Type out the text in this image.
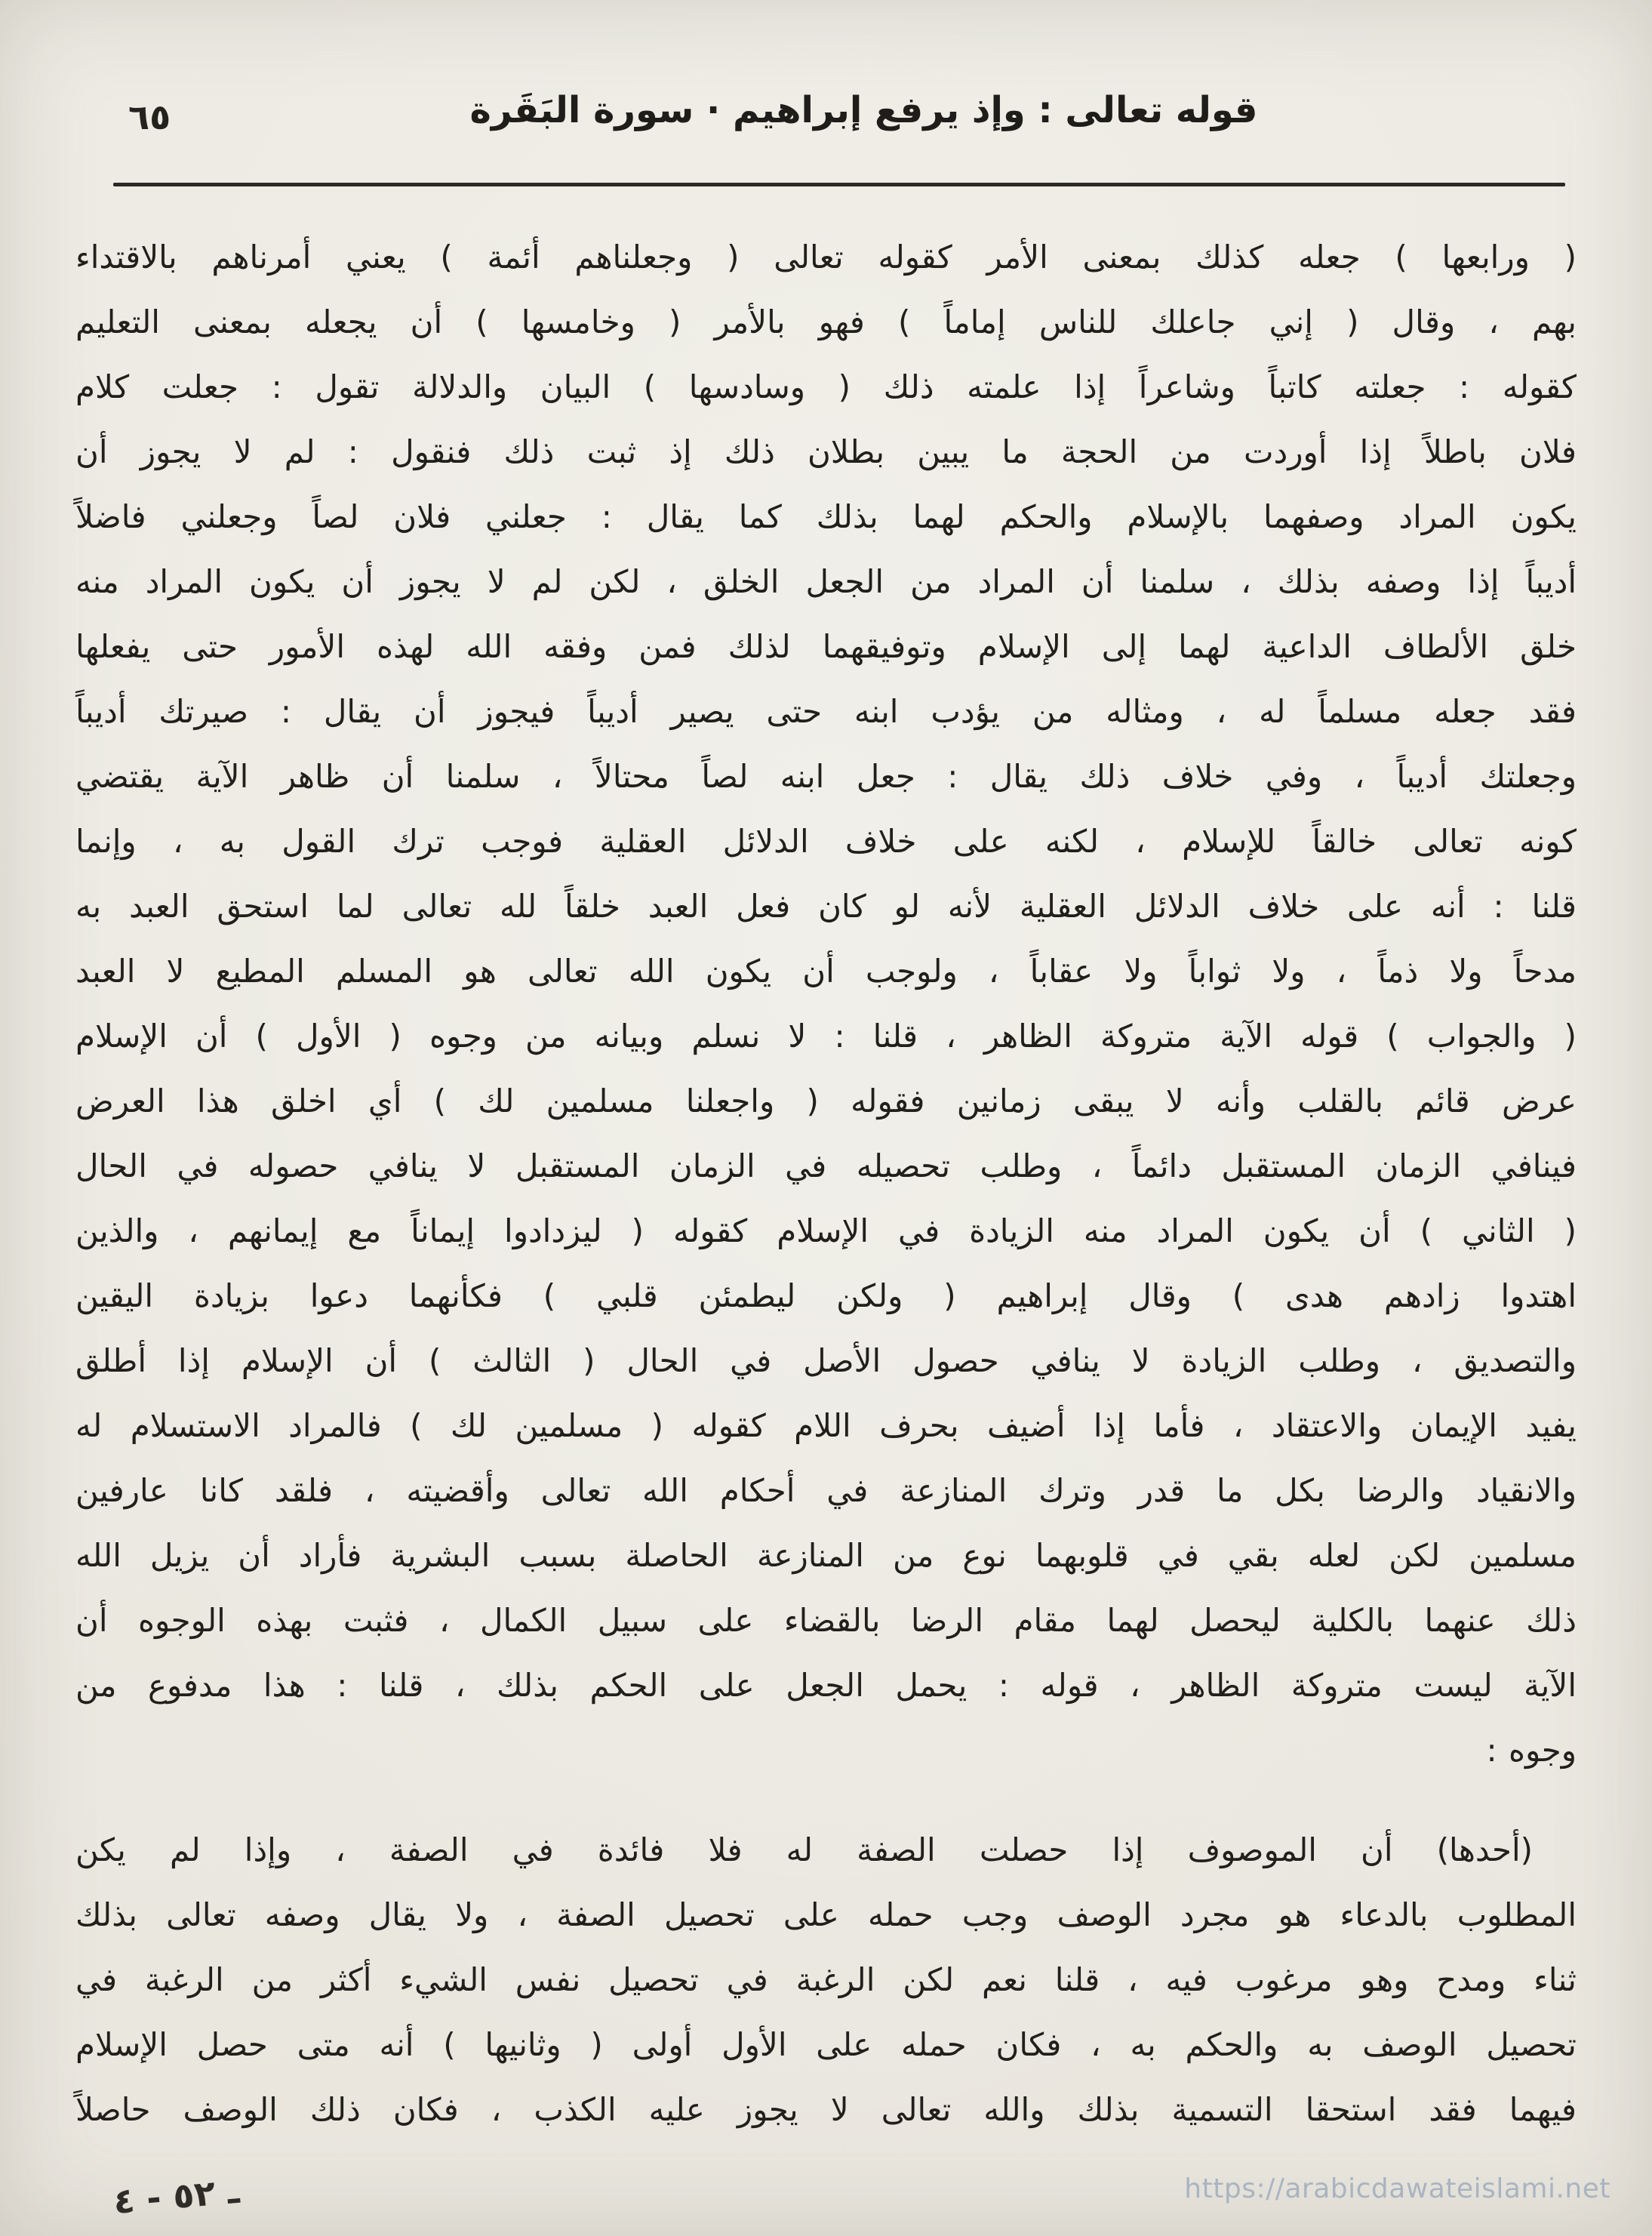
٦٥	قوله تعالى : وإذ يرفع إبراهيم · سورة البَقَرة
( ورابعها ) جعله كذلك بمعنى الأمر كقوله تعالى ( وجعلناهم أئمة ) يعني أمرناهم بالاقتداء
بهم ، وقال ( إني جاعلك للناس إماماً ) فهو بالأمر ( وخامسها ) أن يجعله بمعنى التعليم
كقوله : جعلته كاتباً وشاعراً إذا علمته ذلك ( وسادسها ) البيان والدلالة تقول : جعلت كلام
فلان باطلاً إذا أوردت من الحجة ما يبين بطلان ذلك إذ ثبت ذلك فنقول : لم لا يجوز أن
يكون المراد وصفهما بالإسلام والحكم لهما بذلك كما يقال : جعلني فلان لصاً وجعلني فاضلاً
أديباً إذا وصفه بذلك ، سلمنا أن المراد من الجعل الخلق ، لكن لم لا يجوز أن يكون المراد منه
خلق الألطاف الداعية لهما إلى الإسلام وتوفيقهما لذلك فمن وفقه الله لهذه الأمور حتى يفعلها
فقد جعله مسلماً له ، ومثاله من يؤدب ابنه حتى يصير أديباً فيجوز أن يقال : صيرتك أديباً
وجعلتك أديباً ، وفي خلاف ذلك يقال : جعل ابنه لصاً محتالاً ، سلمنا أن ظاهر الآية يقتضي
كونه تعالى خالقاً للإسلام ، لكنه على خلاف الدلائل العقلية فوجب ترك القول به ، وإنما
قلنا : أنه على خلاف الدلائل العقلية لأنه لو كان فعل العبد خلقاً لله تعالى لما استحق العبد به
مدحاً ولا ذماً ، ولا ثواباً ولا عقاباً ، ولوجب أن يكون الله تعالى هو المسلم المطيع لا العبد
( والجواب ) قوله الآية متروكة الظاهر ، قلنا : لا نسلم وبيانه من وجوه ( الأول ) أن الإسلام
عرض قائم بالقلب وأنه لا يبقى زمانين فقوله ( واجعلنا مسلمين لك ) أي اخلق هذا العرض
فينافي الزمان المستقبل دائماً ، وطلب تحصيله في الزمان المستقبل لا ينافي حصوله في الحال
( الثاني ) أن يكون المراد منه الزيادة في الإسلام كقوله ( ليزدادوا إيماناً مع إيمانهم ، والذين
اهتدوا زادهم هدى ) وقال إبراهيم ( ولكن ليطمئن قلبي ) فكأنهما دعوا بزيادة اليقين
والتصديق ، وطلب الزيادة لا ينافي حصول الأصل في الحال ( الثالث ) أن الإسلام إذا أطلق
يفيد الإيمان والاعتقاد ، فأما إذا أضيف بحرف اللام كقوله ( مسلمين لك ) فالمراد الاستسلام له
والانقياد والرضا بكل ما قدر وترك المنازعة في أحكام الله تعالى وأقضيته ، فلقد كانا عارفين
مسلمين لكن لعله بقي في قلوبهما نوع من المنازعة الحاصلة بسبب البشرية فأراد أن يزيل الله
ذلك عنهما بالكلية ليحصل لهما مقام الرضا بالقضاء على سبيل الكمال ، فثبت بهذه الوجوه أن
الآية ليست متروكة الظاهر ، قوله : يحمل الجعل على الحكم بذلك ، قلنا : هذا مدفوع من
وجوه :
(أحدها) أن الموصوف إذا حصلت الصفة له فلا فائدة في الصفة ، وإذا لم يكن
المطلوب بالدعاء هو مجرد الوصف وجب حمله على تحصيل الصفة ، ولا يقال وصفه تعالى بذلك
ثناء ومدح وهو مرغوب فيه ، قلنا نعم لكن الرغبة في تحصيل نفس الشيء أكثر من الرغبة في
تحصيل الوصف به والحكم به ، فكان حمله على الأول أولى ( وثانيها ) أنه متى حصل الإسلام
فيهما فقد استحقا التسمية بذلك والله تعالى لا يجوز عليه الكذب ، فكان ذلك الوصف حاصلاً
ـ ٥٢ - ٤	https://arabicdawateislami.net
